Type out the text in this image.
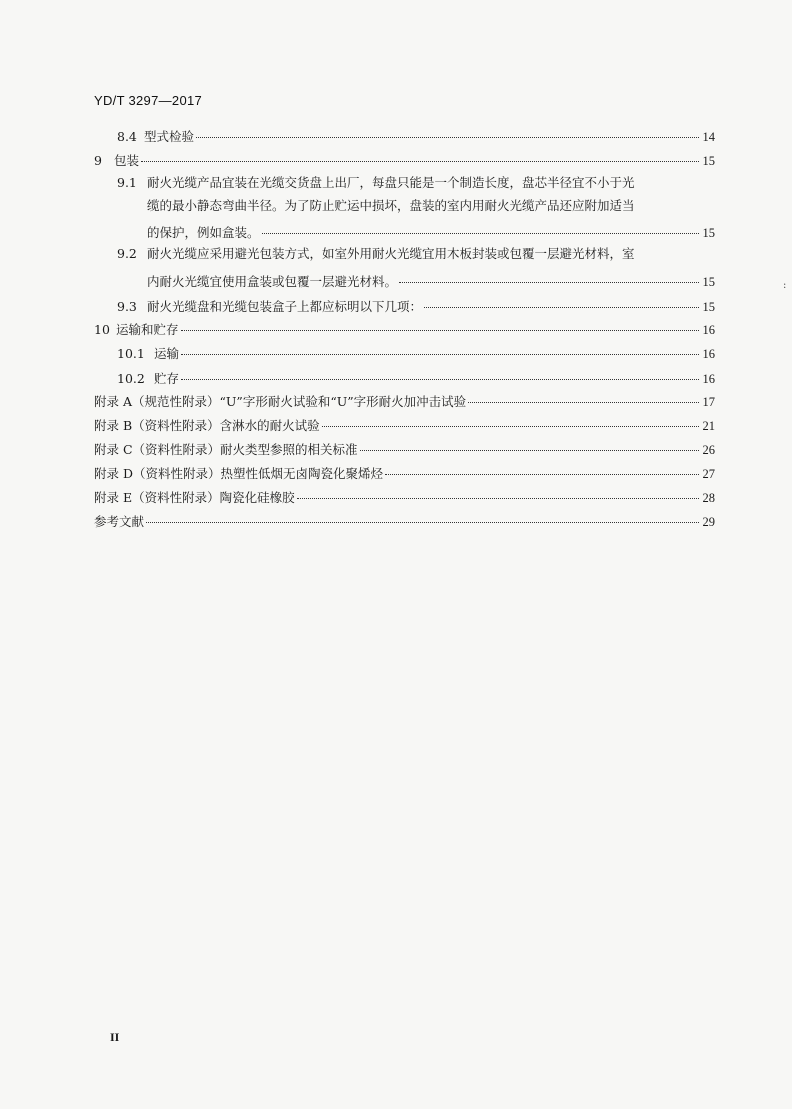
YD/T 3297—2017
8.4 型式检验	14
9 包装	15
9.1 耐火光缆产品宜装在光缆交货盘上出厂，每盘只能是一个制造长度，盘芯半径宜不小于光
缆的最小静态弯曲半径。为了防止贮运中损坏，盘装的室内用耐火光缆产品还应附加适当
的保护，例如盒装。	15
9.2 耐火光缆应采用避光包装方式，如室外用耐火光缆宜用木板封装或包覆一层避光材料，室
内耐火光缆宜使用盒装或包覆一层避光材料。	15
9.3 耐火光缆盘和光缆包装盒子上都应标明以下几项：	15
10 运输和贮存	16
10.1 运输	16
10.2 贮存	16
附录 A（规范性附录）“U”字形耐火试验和“U”字形耐火加冲击试验	17
附录 B（资料性附录）含淋水的耐火试验	21
附录 C（资料性附录）耐火类型参照的相关标准	26
附录 D（资料性附录）热塑性低烟无卤陶瓷化聚烯烃	27
附录 E（资料性附录）陶瓷化硅橡胶	28
参考文献	29
:
II
